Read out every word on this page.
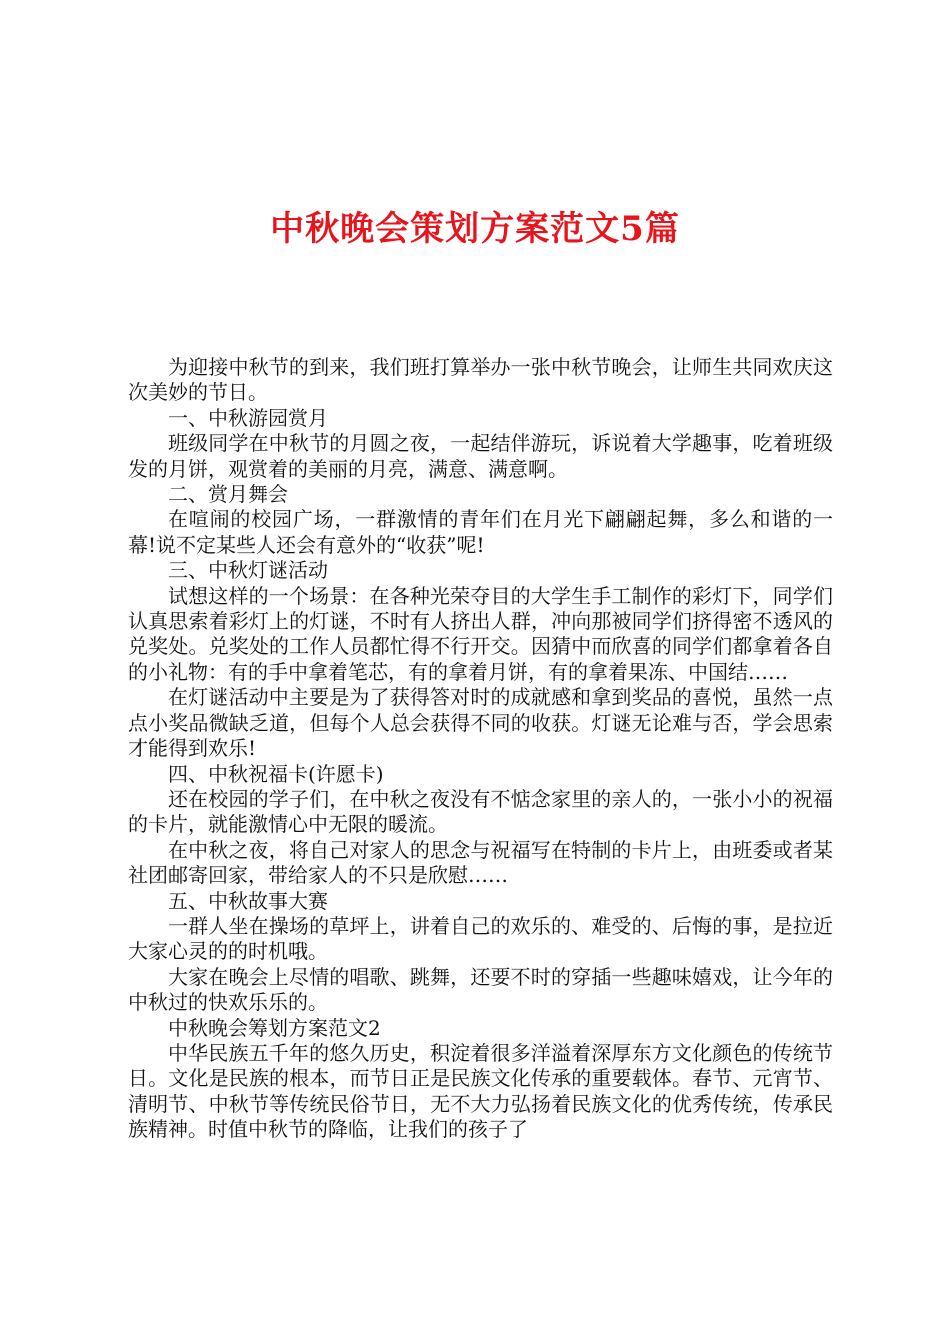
中秋晚会策划方案范文5篇

为迎接中秋节的到来，我们班打算举办一张中秋节晚会，让师生共同欢庆这次美妙的节日。

一、中秋游园赏月

班级同学在中秋节的月圆之夜，一起结伴游玩，诉说着大学趣事，吃着班级发的月饼，观赏着的美丽的月亮，满意、满意啊。

二、赏月舞会

在喧闹的校园广场，一群激情的青年们在月光下翩翩起舞，多么和谐的一幕!说不定某些人还会有意外的“收获”呢!

三、中秋灯谜活动

试想这样的一个场景：在各种光荣夺目的大学生手工制作的彩灯下，同学们认真思索着彩灯上的灯谜，不时有人挤出人群，冲向那被同学们挤得密不透风的兑奖处。兑奖处的工作人员都忙得不行开交。因猜中而欣喜的同学们都拿着各自的小礼物：有的手中拿着笔芯，有的拿着月饼，有的拿着果冻、中国结……

在灯谜活动中主要是为了获得答对时的成就感和拿到奖品的喜悦，虽然一点点小奖品微缺乏道，但每个人总会获得不同的收获。灯谜无论难与否，学会思索才能得到欢乐!

四、中秋祝福卡(许愿卡)

还在校园的学子们，在中秋之夜没有不惦念家里的亲人的，一张小小的祝福的卡片，就能激情心中无限的暖流。

在中秋之夜，将自己对家人的思念与祝福写在特制的卡片上，由班委或者某社团邮寄回家，带给家人的不只是欣慰……

五、中秋故事大赛

一群人坐在操场的草坪上，讲着自己的欢乐的、难受的、后悔的事，是拉近大家心灵的的时机哦。

大家在晚会上尽情的唱歌、跳舞，还要不时的穿插一些趣味嬉戏，让今年的中秋过的快欢乐乐的。

中秋晚会筹划方案范文2

中华民族五千年的悠久历史，积淀着很多洋溢着深厚东方文化颜色的传统节日。文化是民族的根本，而节日正是民族文化传承的重要载体。春节、元宵节、清明节、中秋节等传统民俗节日，无不大力弘扬着民族文化的优秀传统，传承民族精神。时值中秋节的降临，让我们的孩子了
